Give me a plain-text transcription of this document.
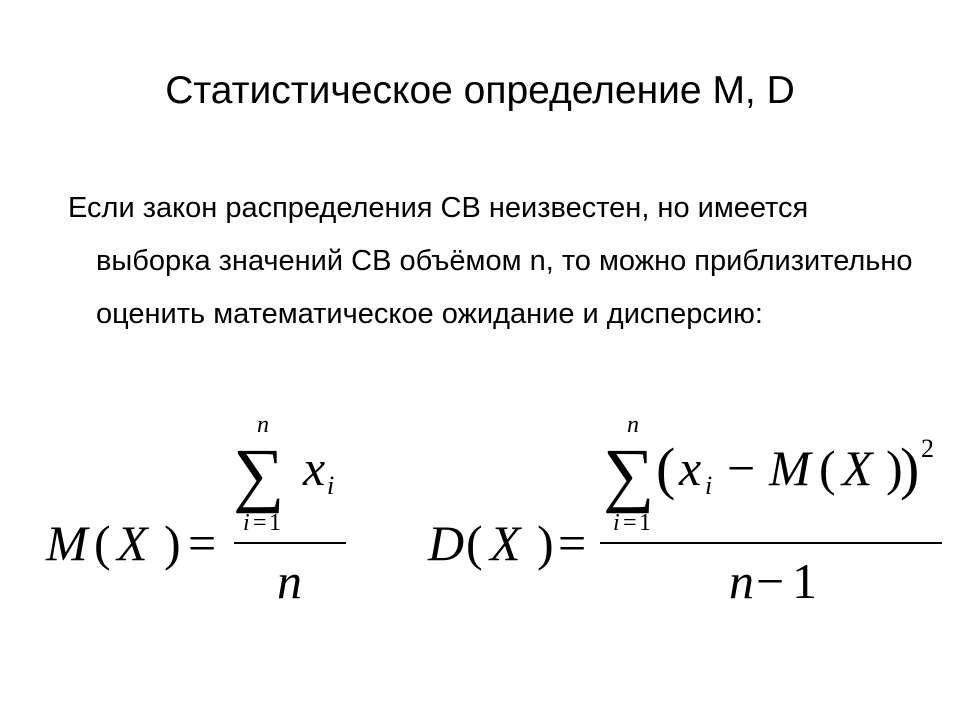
Статистическое определение M, D

Если закон распределения СВ неизвестен, но имеется выборка значений СВ объёмом n, то можно приблизительно оценить математическое ожидание и дисперсию:

M ( X ) =
n
∑ x i
i = 1
n
D ( X ) =
n
∑ ( x i − M ( X )
) 2
i = 1
n − 1
